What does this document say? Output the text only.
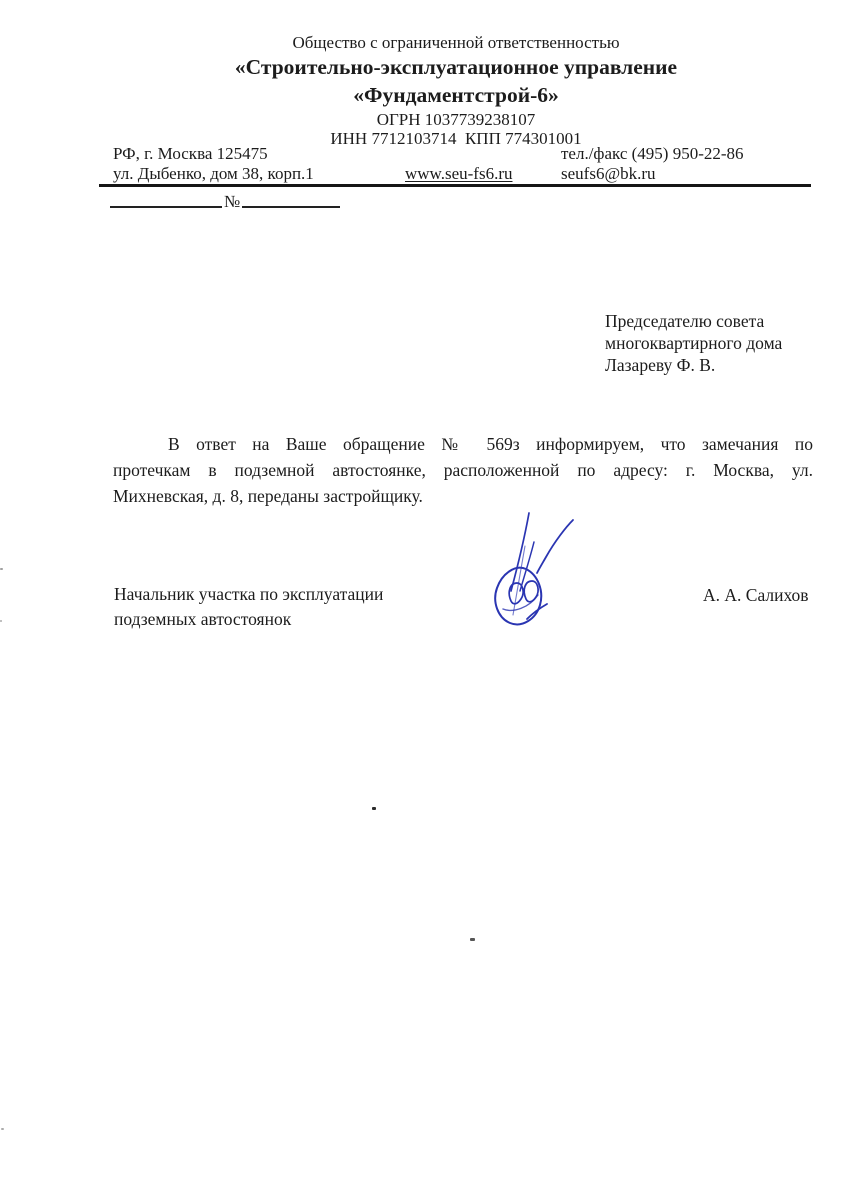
Общество с ограниченной ответственностью
«Строительно-эксплуатационное управление
«Фундаментстрой-6»
ОГРН 1037739238107
ИНН 7712103714  КПП 774301001
РФ, г. Москва 125475
ул. Дыбенко, дом 38, корп.1	www.seu-fs6.ru
тел./факс (495) 950-22-86
seufs6@bk.ru
№
Председателю совета
многоквартирного дома
Лазареву Ф. В.
В ответ на Ваше обращение № 569з информируем, что замечания по
протечкам в подземной автостоянке, расположенной по адресу: г. Москва, ул.
Михневская, д. 8, переданы застройщику.
Начальник участка по эксплуатации
подземных автостоянок
А. А. Салихов
